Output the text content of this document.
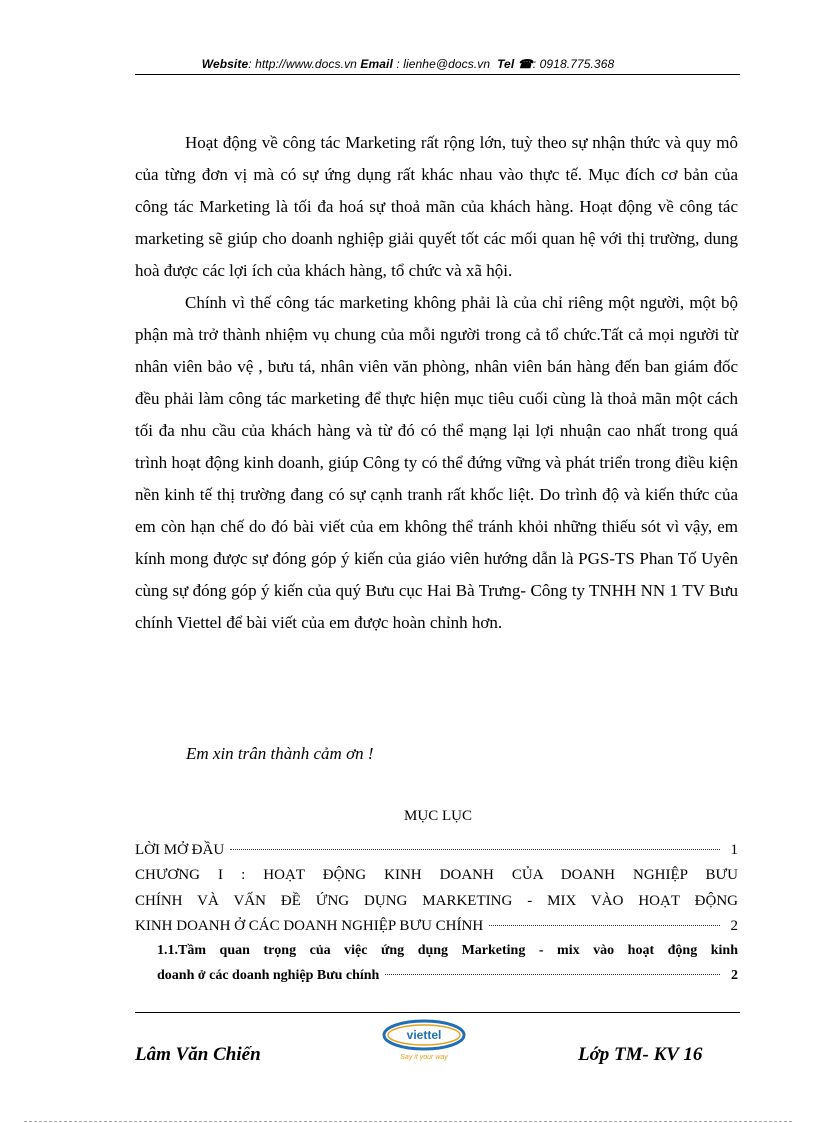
Website: http://www.docs.vn Email : lienhe@docs.vn Tel ☎: 0918.775.368

Hoạt động về công tác Marketing rất rộng lớn, tuỳ theo sự nhận thức và quy mô của từng đơn vị mà có sự ứng dụng rất khác nhau vào thực tế. Mục đích cơ bản của công tác Marketing là tối đa hoá sự thoả mãn của khách hàng. Hoạt động về công tác marketing sẽ giúp cho doanh nghiệp giải quyết tốt các mối quan hệ với thị trường, dung hoà được các lợi ích của khách hàng, tổ chức và xã hội.

Chính vì thế công tác marketing không phải là của chỉ riêng một người, một bộ phận mà trở thành nhiệm vụ chung của mỗi người trong cả tổ chức.Tất cả mọi người từ nhân viên bảo vệ , bưu tá, nhân viên văn phòng, nhân viên bán hàng đến ban giám đốc đều phải làm công tác marketing để thực hiện mục tiêu cuối cùng là thoả mãn một cách tối đa nhu cầu của khách hàng và từ đó có thể mạng lại lợi nhuận cao nhất trong quá trình hoạt động kinh doanh, giúp Công ty có thể đứng vững và phát triển trong điều kiện nền kinh tế thị trường đang có sự cạnh tranh rất khốc liệt. Do trình độ và kiến thức của em còn hạn chế do đó bài viết của em không thể tránh khỏi những thiếu sót vì vậy, em kính mong được sự đóng góp ý kiến của giáo viên hướng dẫn là PGS-TS Phan Tố Uyên cùng sự đóng góp ý kiến của quý Bưu cục Hai Bà Trưng- Công ty TNHH NN 1 TV Bưu chính Viettel để bài viết của em được hoàn chỉnh hơn.

Em xin trân thành cảm ơn !
MỤC LỤC
LỜI MỞ ĐẦU	1
CHƯƠNG I : HOẠT ĐỘNG KINH DOANH CỦA DOANH NGHIỆP BƯU
CHÍNH VÀ VẤN ĐỀ ỨNG DỤNG MARKETING - MIX VÀO HOẠT ĐỘNG
KINH DOANH Ở CÁC DOANH NGHIỆP BƯU CHÍNH	2
1.1.Tầm quan trọng của việc ứng dụng Marketing - mix vào hoạt động kinh
doanh ở các doanh nghiệp Bưu chính	2
Lâm Văn Chiến
viettel
Say it your way	Lớp TM- KV 16
